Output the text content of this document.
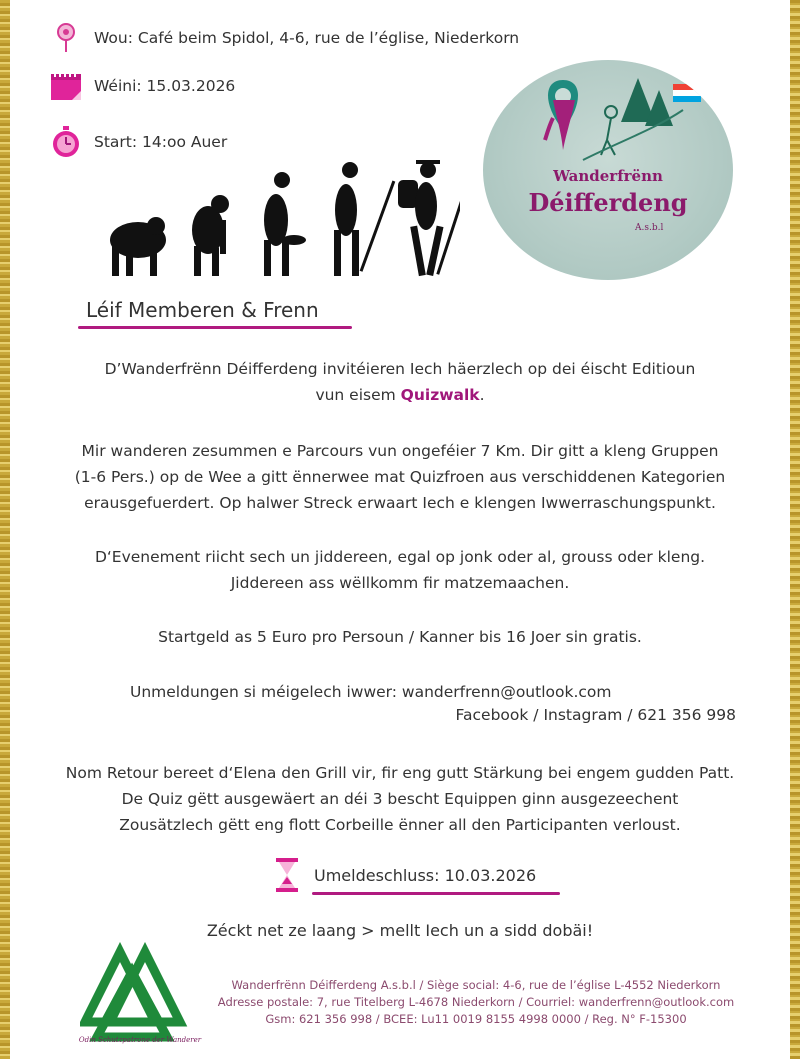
Wou: Café beim Spidol, 4-6, rue de l’église, Niederkorn
Wéini: 15.03.2026
Start: 14:oo Auer
Wanderfrënn
Déifferdeng
A.s.b.l
Léif Memberen & Frenn
D’Wanderfrënn Déifferdeng invitéieren Iech häerzlech op dei éischt Editioun
vun eisem Quizwalk.
Mir wanderen zesummen e Parcours vun ongeféier 7 Km. Dir gitt a kleng Gruppen
(1-6 Pers.) op de Wee a gitt ënnerwee mat Quizfroen aus verschiddenen Kategorien
erausgefuerdert. Op halwer Streck erwaart Iech e klengen Iwwerraschungspunkt.
D‘Evenement riicht sech un jiddereen, egal op jonk oder al, grouss oder kleng.
Jiddereen ass wëllkomm fir matzemaachen.
Startgeld as 5 Euro pro Persoun / Kanner bis 16 Joer sin gratis.
Unmeldungen si méigelech iwwer: wanderfrenn@outlook.com
Facebook / Instagram / 621 356 998
Nom Retour bereet d‘Elena den Grill vir, fir eng gutt Stärkung bei engem gudden Patt.
De Quiz gëtt ausgewäert an déi 3 bescht Equippen ginn ausgezeechent
Zousätzlech gëtt eng flott Corbeille ënner all den Participanten verloust.
Umeldeschluss: 10.03.2026
Zéckt net ze laang > mellt Iech un a sidd dobäi!
Odin Schutzpatrone der Wanderer
Wanderfrënn Déifferdeng A.s.b.l / Siège social: 4-6, rue de l’église L-4552 Niederkorn
Adresse postale: 7, rue Titelberg L-4678 Niederkorn / Courriel: wanderfrenn@outlook.com
Gsm: 621 356 998 / BCEE: Lu11 0019 8155 4998 0000 / Reg. N° F-15300
